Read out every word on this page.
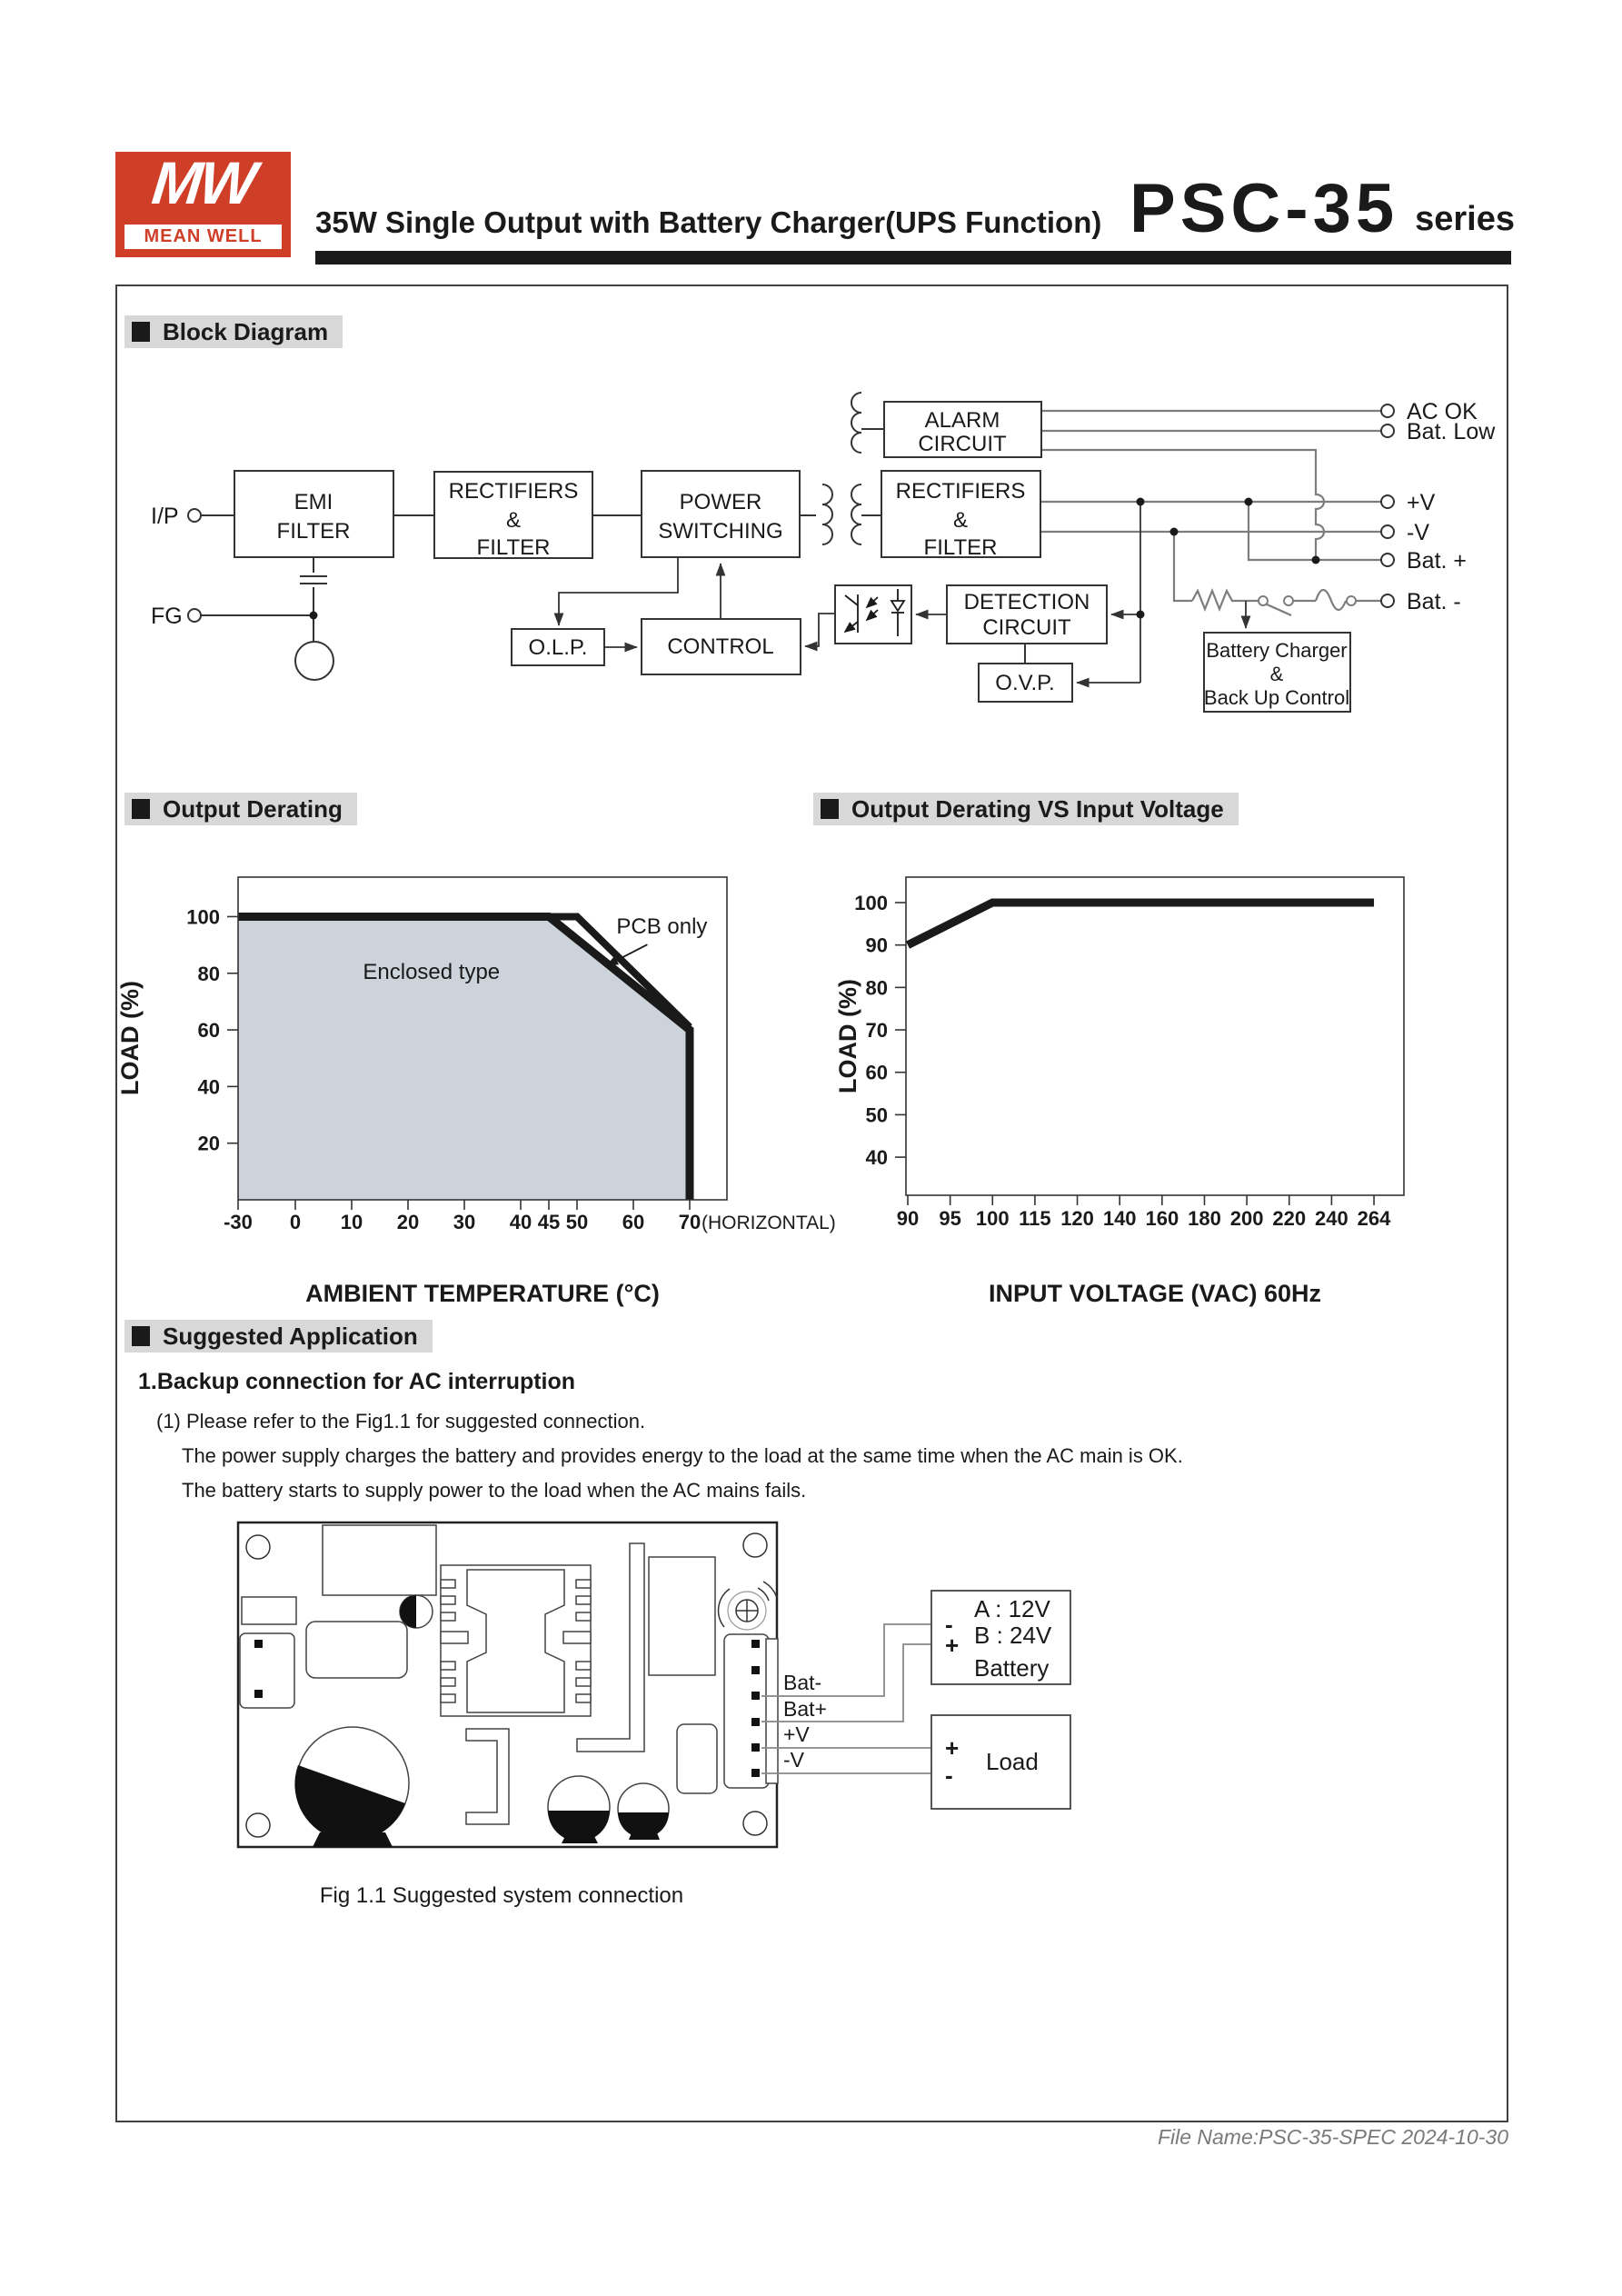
MW
MEAN WELL	35W Single Output with Battery Charger(UPS Function) PSC-35 series
Block Diagram
Output Derating	Output Derating VS Input Voltage
Suggested Application
EMI
FILTER
RECTIFIERS
&
FILTER
POWER
SWITCHING
ALARM
CIRCUIT
RECTIFIERS
&
FILTER
DETECTION
CIRCUIT
O.V.P.
O.L.P.	CONTROL	Battery Charger
&
Back Up Control
I/P
FG
AC OK
Bat. Low
+V
-V
Bat. +
Bat. -
-30 0 10 20 30 40 45 50 60 70 (HORIZONTAL)
20
40
60
80
100
Enclosed type
PCB only
AMBIENT TEMPERATURE (°C)
LOAD (%)
90 95 100 115 120 140 160 180 200 220 240 264
40
50
60
70
80
90
100
INPUT VOLTAGE (VAC) 60Hz
LOAD (%)
1.Backup connection for AC interruption
(1) Please refer to the Fig1.1 for suggested connection.
The power supply charges the battery and provides energy to the load at the same time when the AC main is OK.
The battery starts to supply power to the load when the AC mains fails.
Bat-
Bat+
+V
-V
-
+
A : 12V
B : 24V
Battery
+
- Load
Fig 1.1 Suggested system connection
File Name:PSC-35-SPEC 2024-10-30
